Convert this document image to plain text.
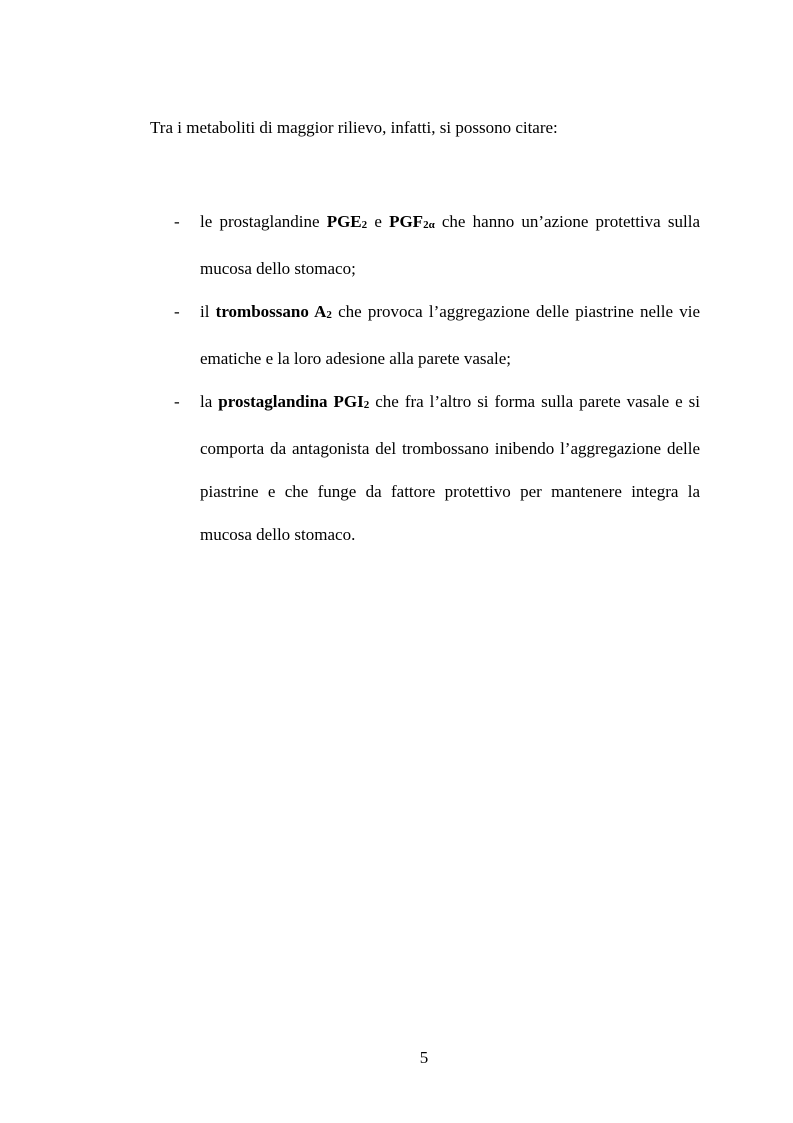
Tra i metaboliti di maggior rilievo, infatti, si possono citare:
- le prostaglandine PGE2 e PGF2α che hanno un’azione protettiva sulla mucosa dello stomaco;
- il trombossano A2 che provoca l’aggregazione delle piastrine nelle vie ematiche e la loro adesione alla parete vasale;
- la prostaglandina PGI2 che fra l’altro si forma sulla parete vasale e si comporta da antagonista del trombossano inibendo l’aggregazione delle piastrine e che funge da fattore protettivo per mantenere integra la mucosa dello stomaco.
5
